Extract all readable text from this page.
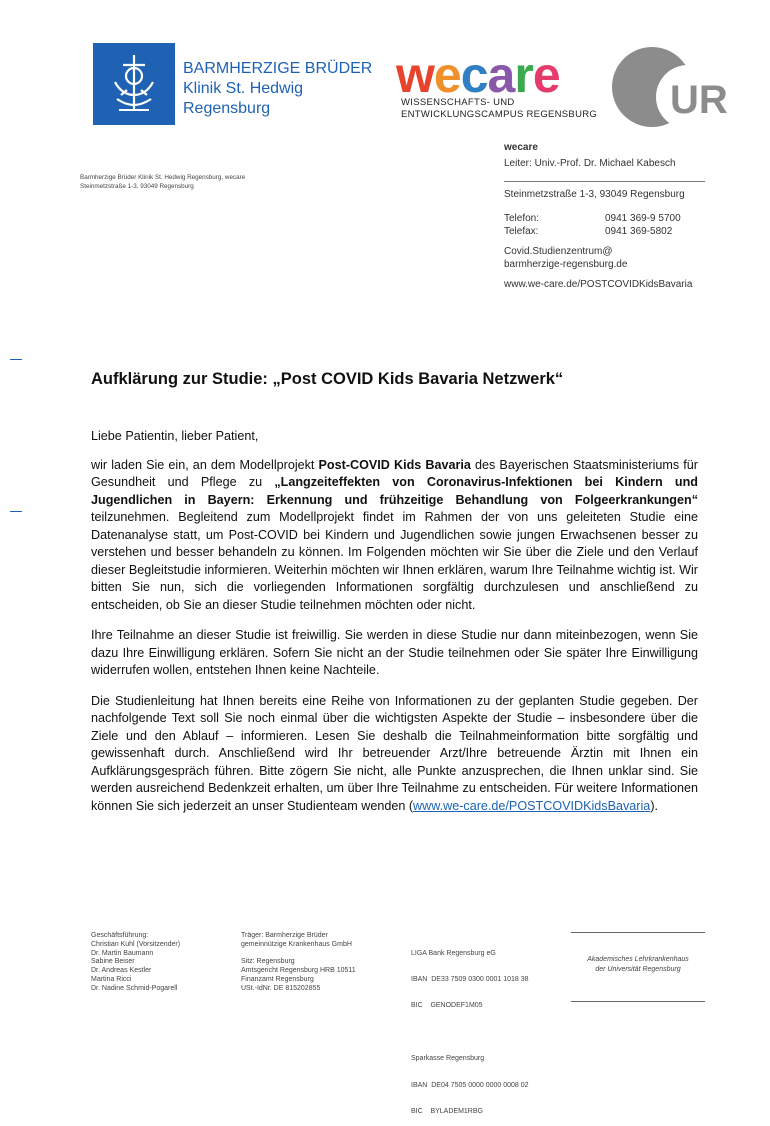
BARMHERZIGE BRÜDER
Klinik St. Hedwig
Regensburg
wecare
WISSENSCHAFTS- UND
ENTWICKLUNGSCAMPUS REGENSBURG UR
Barmherzige Brüder Klinik St. Hedwig Regensburg, wecare
Steinmetzstraße 1-3, 93049 Regensburg
wecare
Leiter: Univ.-Prof. Dr. Michael Kabesch
Steinmetzstraße 1-3, 93049 Regensburg
Telefon:	0941 369-9 5700
Telefax:	0941 369-5802
Covid.Studienzentrum@
barmherzige-regensburg.de
www.we-care.de/POSTCOVIDKidsBavaria
Aufklärung zur Studie: „Post COVID Kids Bavaria Netzwerk“

Liebe Patientin, lieber Patient,

wir laden Sie ein, an dem Modellprojekt Post-COVID Kids Bavaria des Bayerischen Staatsministeriums für Gesundheit und Pflege zu „Langzeiteffekten von Coronavirus-Infektionen bei Kindern und Jugendlichen in Bayern: Erkennung und frühzeitige Behandlung von Folgeerkrankungen“ teilzunehmen. Begleitend zum Modellprojekt findet im Rahmen der von uns geleiteten Studie eine Datenanalyse statt, um Post-COVID bei Kindern und Jugendlichen sowie jungen Erwachsenen besser zu verstehen und besser behandeln zu können. Im Folgenden möchten wir Sie über die Ziele und den Verlauf dieser Begleitstudie informieren. Weiterhin möchten wir Ihnen erklären, warum Ihre Teilnahme wichtig ist. Wir bitten Sie nun, sich die vorliegenden Informationen sorgfältig durchzulesen und anschließend zu entscheiden, ob Sie an dieser Studie teilnehmen möchten oder nicht.

Ihre Teilnahme an dieser Studie ist freiwillig. Sie werden in diese Studie nur dann miteinbezogen, wenn Sie dazu Ihre Einwilligung erklären. Sofern Sie nicht an der Studie teilnehmen oder Sie später Ihre Einwilligung widerrufen wollen, entstehen Ihnen keine Nachteile.

Die Studienleitung hat Ihnen bereits eine Reihe von Informationen zu der geplanten Studie gegeben. Der nachfolgende Text soll Sie noch einmal über die wichtigsten Aspekte der Studie – insbesondere über die Ziele und den Ablauf – informieren. Lesen Sie deshalb die Teilnahmeinformation bitte sorgfältig und gewissenhaft durch. Anschließend wird Ihr betreuender Arzt/Ihre betreuende Ärztin mit Ihnen ein Aufklärungsgespräch führen. Bitte zögern Sie nicht, alle Punkte anzusprechen, die Ihnen unklar sind. Sie werden ausreichend Bedenkzeit erhalten, um über Ihre Teilnahme zu entscheiden. Für weitere Informationen können Sie sich jederzeit an unser Studienteam wenden (www.we-care.de/POSTCOVIDKidsBavaria).

Geschäftsführung:
Christian Kuhl (Vorsitzender)
Dr. Martin Baumann
Sabine Beiser
Dr. Andreas Kestler
Martina Ricci
Dr. Nadine Schmid-Pogarell
Träger: Barmherzige Brüder
gemeinnützige Krankenhaus GmbH
Sitz: Regensburg
Amtsgericht Regensburg HRB 10511
Finanzamt Regensburg
USt.-IdNr. DE 815202855

LIGA Bank Regensburg eG

IBAN  DE33 7509 0300 0001 1018 38

BIC    GENODEF1M05

Sparkasse Regensburg

IBAN  DE04 7505 0000 0000 0008 02

BIC    BYLADEM1RBG

Akademisches Lehrkrankenhaus
der Universität Regensburg
